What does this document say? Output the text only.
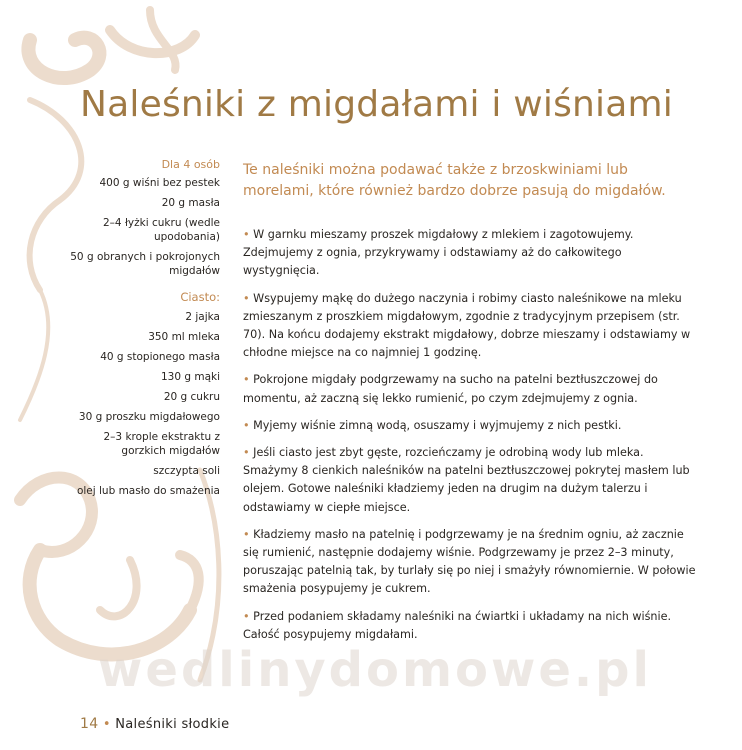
Naleśniki z migdałami i wiśniami
Dla 4 osób
400 g wiśni bez pestek
20 g masła
2–4 łyżki cukru (wedle upodobania)
50 g obranych i pokrojonych migdałów
Ciasto:
2 jajka
350 ml mleka
40 g stopionego masła
130 g mąki
20 g cukru
30 g proszku migdałowego
2–3 krople ekstraktu z gorzkich migdałów
szczypta soli
olej lub masło do smażenia

Te naleśniki można podawać także z brzoskwiniami lub morelami, które również bardzo dobrze pasują do migdałów.

• W garnku mieszamy proszek migdałowy z mlekiem i zagotowujemy. Zdejmujemy z ognia, przykrywamy i odstawiamy aż do całkowitego wystygnięcia.

• Wsypujemy mąkę do dużego naczynia i robimy ciasto naleśnikowe na mleku zmieszanym z proszkiem migdałowym, zgodnie z tradycyjnym przepisem (str. 70). Na końcu dodajemy ekstrakt migdałowy, dobrze mieszamy i odstawiamy w chłodne miejsce na co najmniej 1 godzinę.

• Pokrojone migdały podgrzewamy na sucho na patelni beztłuszczowej do momentu, aż zaczną się lekko rumienić, po czym zdejmujemy z ognia.

• Myjemy wiśnie zimną wodą, osuszamy i wyjmujemy z nich pestki.

• Jeśli ciasto jest zbyt gęste, rozcieńczamy je odrobiną wody lub mleka. Smażymy 8 cienkich naleśników na patelni beztłuszczowej pokrytej masłem lub olejem. Gotowe naleśniki kładziemy jeden na drugim na dużym talerzu i odstawiamy w ciepłe miejsce.

• Kładziemy masło na patelnię i podgrzewamy je na średnim ogniu, aż zacznie się rumienić, następnie dodajemy wiśnie. Podgrzewamy je przez 2–3 minuty, poruszając patelnią tak, by turlały się po niej i smażyły równomiernie. W połowie smażenia posypujemy je cukrem.

• Przed podaniem składamy naleśniki na ćwiartki i układamy na nich wiśnie. Całość posypujemy migdałami.

wedlinydomowe.pl
14 • Naleśniki słodkie
